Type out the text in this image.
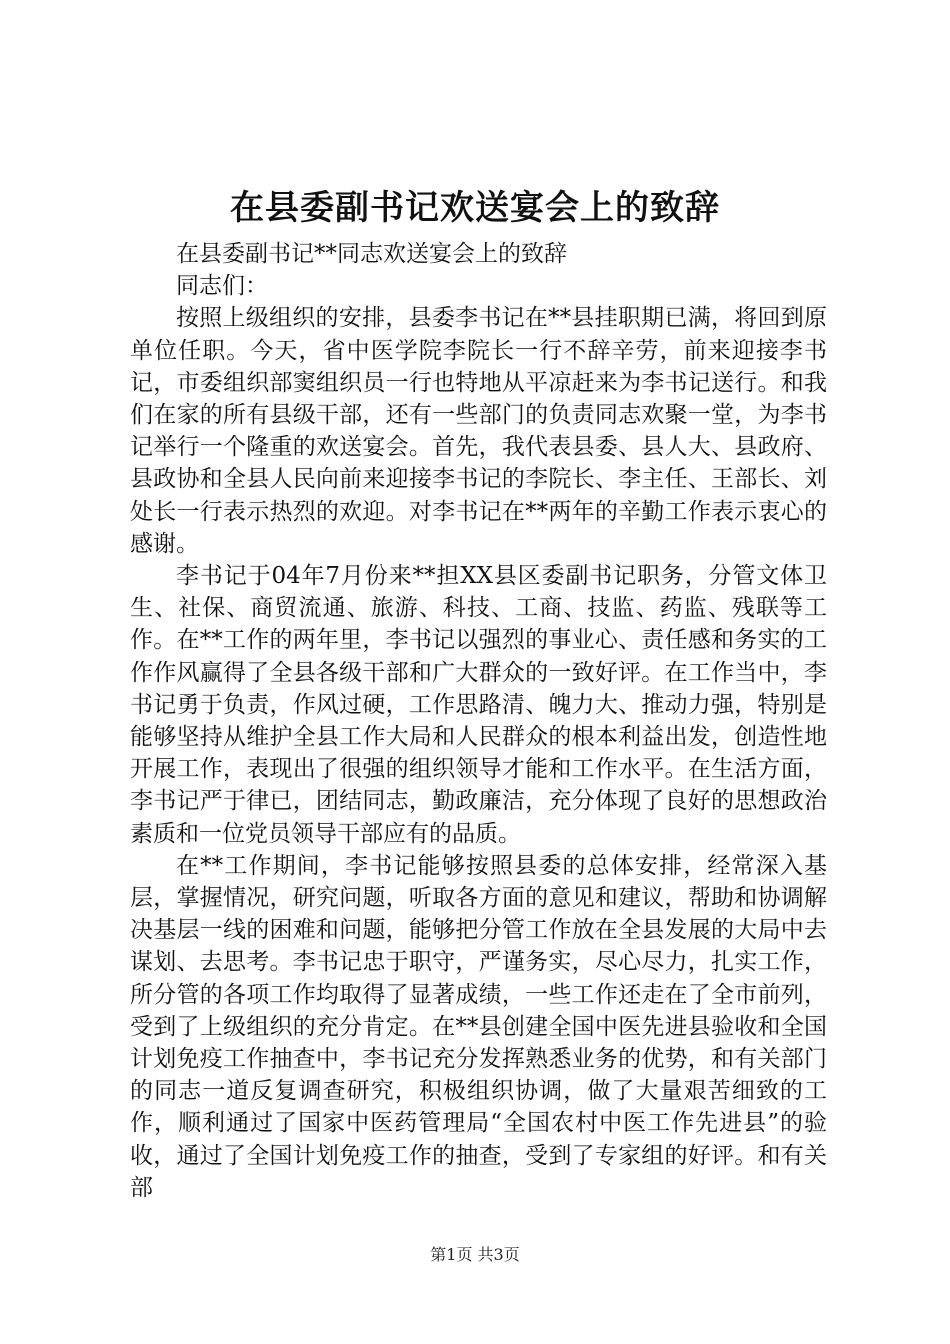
在县委副书记欢送宴会上的致辞

在县委副书记**同志欢送宴会上的致辞

同志们：

按照上级组织的安排，县委李书记在**县挂职期已满，将回到原单位任职。今天，省中医学院李院长一行不辞辛劳，前来迎接李书记，市委组织部窦组织员一行也特地从平凉赶来为李书记送行。和我们在家的所有县级干部，还有一些部门的负责同志欢聚一堂，为李书记举行一个隆重的欢送宴会。首先，我代表县委、县人大、县政府、县政协和全县人民向前来迎接李书记的李院长、李主任、王部长、刘处长一行表示热烈的欢迎。对李书记在**两年的辛勤工作表示衷心的感谢。

李书记于04年7月份来**担XX县区委副书记职务，分管文体卫生、社保、商贸流通、旅游、科技、工商、技监、药监、残联等工作。在**工作的两年里，李书记以强烈的事业心、责任感和务实的工作作风赢得了全县各级干部和广大群众的一致好评。在工作当中，李书记勇于负责，作风过硬，工作思路清、魄力大、推动力强，特别是能够坚持从维护全县工作大局和人民群众的根本利益出发，创造性地开展工作，表现出了很强的组织领导才能和工作水平。在生活方面，李书记严于律已，团结同志，勤政廉洁，充分体现了良好的思想政治素质和一位党员领导干部应有的品质。

在**工作期间，李书记能够按照县委的总体安排，经常深入基层，掌握情况，研究问题，听取各方面的意见和建议，帮助和协调解决基层一线的困难和问题，能够把分管工作放在全县发展的大局中去谋划、去思考。李书记忠于职守，严谨务实，尽心尽力，扎实工作，所分管的各项工作均取得了显著成绩，一些工作还走在了全市前列，受到了上级组织的充分肯定。在**县创建全国中医先进县验收和全国计划免疫工作抽查中，李书记充分发挥熟悉业务的优势，和有关部门的同志一道反复调查研究，积极组织协调，做了大量艰苦细致的工作，顺利通过了国家中医药管理局“全国农村中医工作先进县”的验收，通过了全国计划免疫工作的抽查，受到了专家组的好评。和有关部

第1页 共3页
